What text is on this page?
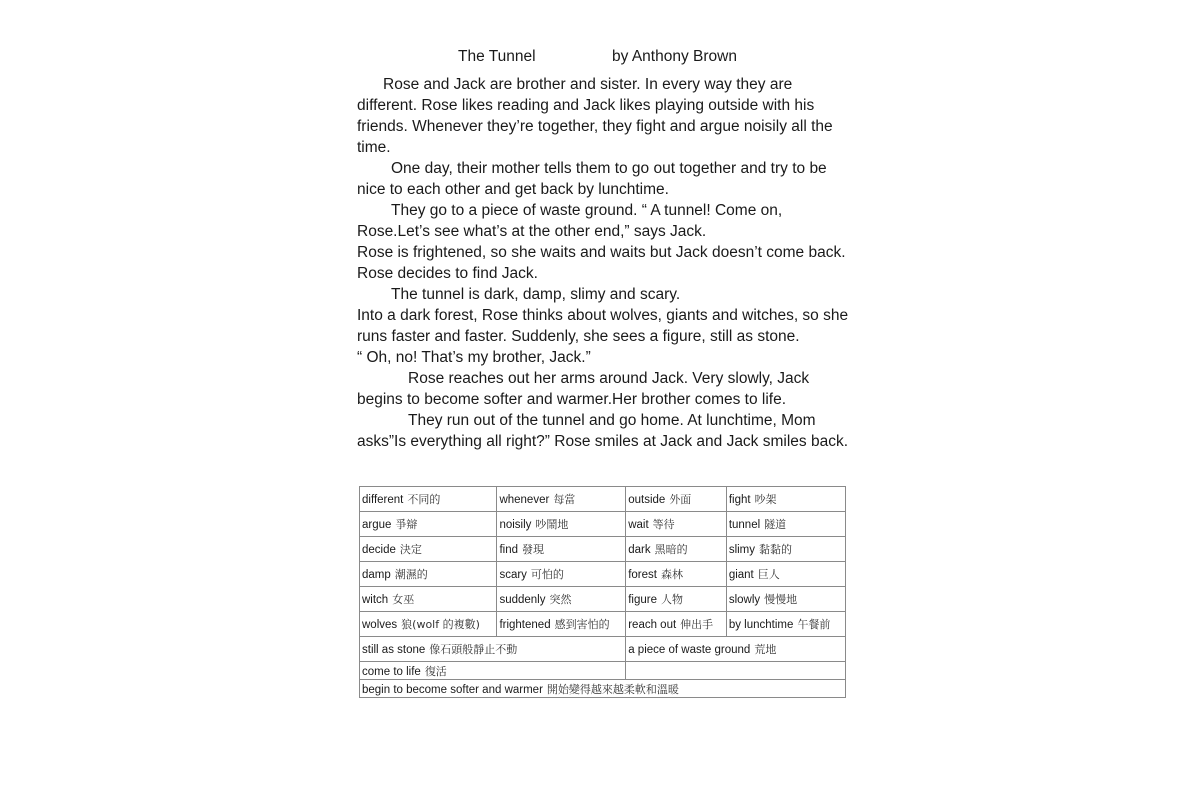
The Tunnel	by Anthony Brown

Rose and Jack are brother and sister. In every way they are different. Rose likes reading and Jack likes playing outside with his friends. Whenever they’re together, they fight and argue noisily all the time.

One day, their mother tells them to go out together and try to be nice to each other and get back by lunchtime.

They go to a piece of waste ground. “ A tunnel! Come on, Rose.Let’s see what’s at the other end,” says Jack.

Rose is frightened, so she waits and waits but Jack doesn’t come back.

Rose decides to find Jack.

The tunnel is dark, damp, slimy and scary.

Into a dark forest, Rose thinks about wolves, giants and witches, so she runs faster and faster. Suddenly, she sees a figure, still as stone.

“ Oh, no! That’s my brother, Jack.”

Rose reaches out her arms around Jack. Very slowly, Jack begins to become softer and warmer.Her brother comes to life.

They run out of the tunnel and go home. At lunchtime, Mom asks”Is everything all right?” Rose smiles at Jack and Jack smiles back.

different 不同的	whenever 每當	outside 外面	fight 吵架
argue 爭辯	noisily 吵鬧地	wait 等待	tunnel 隧道
decide 決定	find 發現	dark 黑暗的	slimy 黏黏的
damp 潮濕的	scary 可怕的	forest 森林	giant 巨人
witch 女巫	suddenly 突然	figure 人物	slowly 慢慢地
wolves 狼(wolf 的複數)	frightened 感到害怕的	reach out 伸出手	by lunchtime 午餐前
still as stone 像石頭般靜止不動		a piece of waste ground 荒地	
come to life 復活			
begin to become softer and warmer 開始變得越來越柔軟和溫暖			
